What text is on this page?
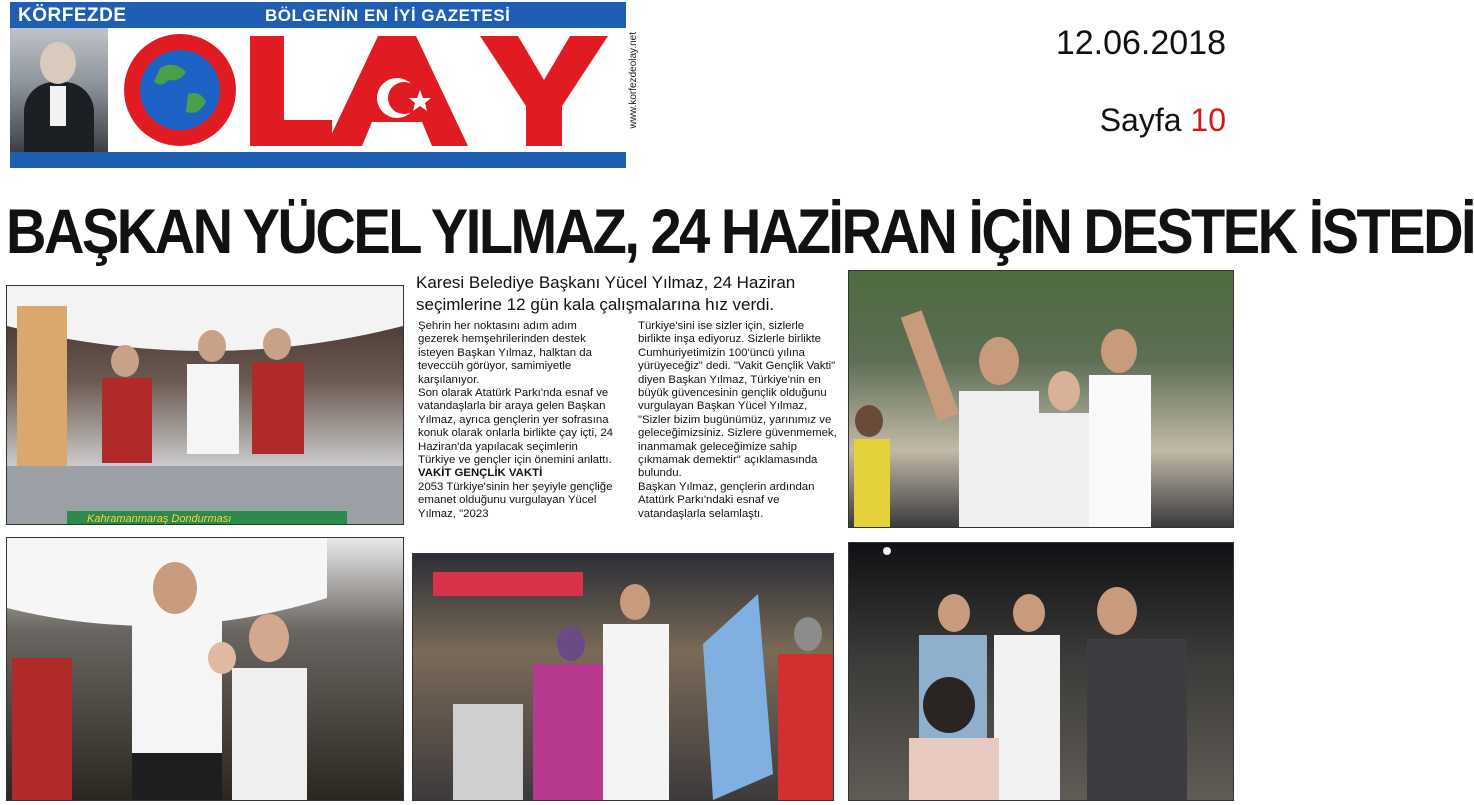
KÖRFEZDE	BÖLGENİN EN İYİ GAZETESİ
www.korfezdeolay.net	12.06.2018
Sayfa 10
BAŞKAN YÜCEL YILMAZ, 24 HAZİRAN İÇİN DESTEK İSTEDİ
Karesi Belediye Başkanı Yücel Yılmaz, 24 Haziran seçimlerine 12 gün kala çalışmalarına hız verdi.

Şehrin her noktasını adım adım gezerek hemşehrilerinden destek isteyen Başkan Yılmaz, halktan da teveccüh görüyor, samimiyetle karşılanıyor.

Son olarak Atatürk Parkı'nda esnaf ve vatandaşlarla bir araya gelen Başkan Yılmaz, ayrıca gençlerin yer sofrasına konuk olarak onlarla birlikte çay içti, 24 Haziran'da yapılacak seçimlerin Türkiye ve gençler için önemini anlattı.

VAKİT GENÇLİK VAKTİ

2053 Türkiye'sinin her şeyiyle gençliğe emanet olduğunu vurgulayan Yücel Yılmaz, "2023

Türkiye'sini ise sizler için, sizlerle birlikte inşa ediyoruz. Sizlerle birlikte Cumhuriyetimizin 100'üncü yılına yürüyeceğiz" dedi. "Vakit Gençlik Vakti" diyen Başkan Yılmaz, Türkiye'nin en büyük güvencesinin gençlik olduğunu vurgulayan Başkan Yücel Yılmaz, "Sizler bizim bugünümüz, yarınımız ve geleceğimizsiniz. Sizlere güvenmemek, inanmamak geleceğimize sahip çıkmamak demektir" açıklamasında bulundu.

Başkan Yılmaz, gençlerin ardından Atatürk Parkı'ndaki esnaf ve vatandaşlarla selamlaştı.

Kahramanmaraş Dondurması
